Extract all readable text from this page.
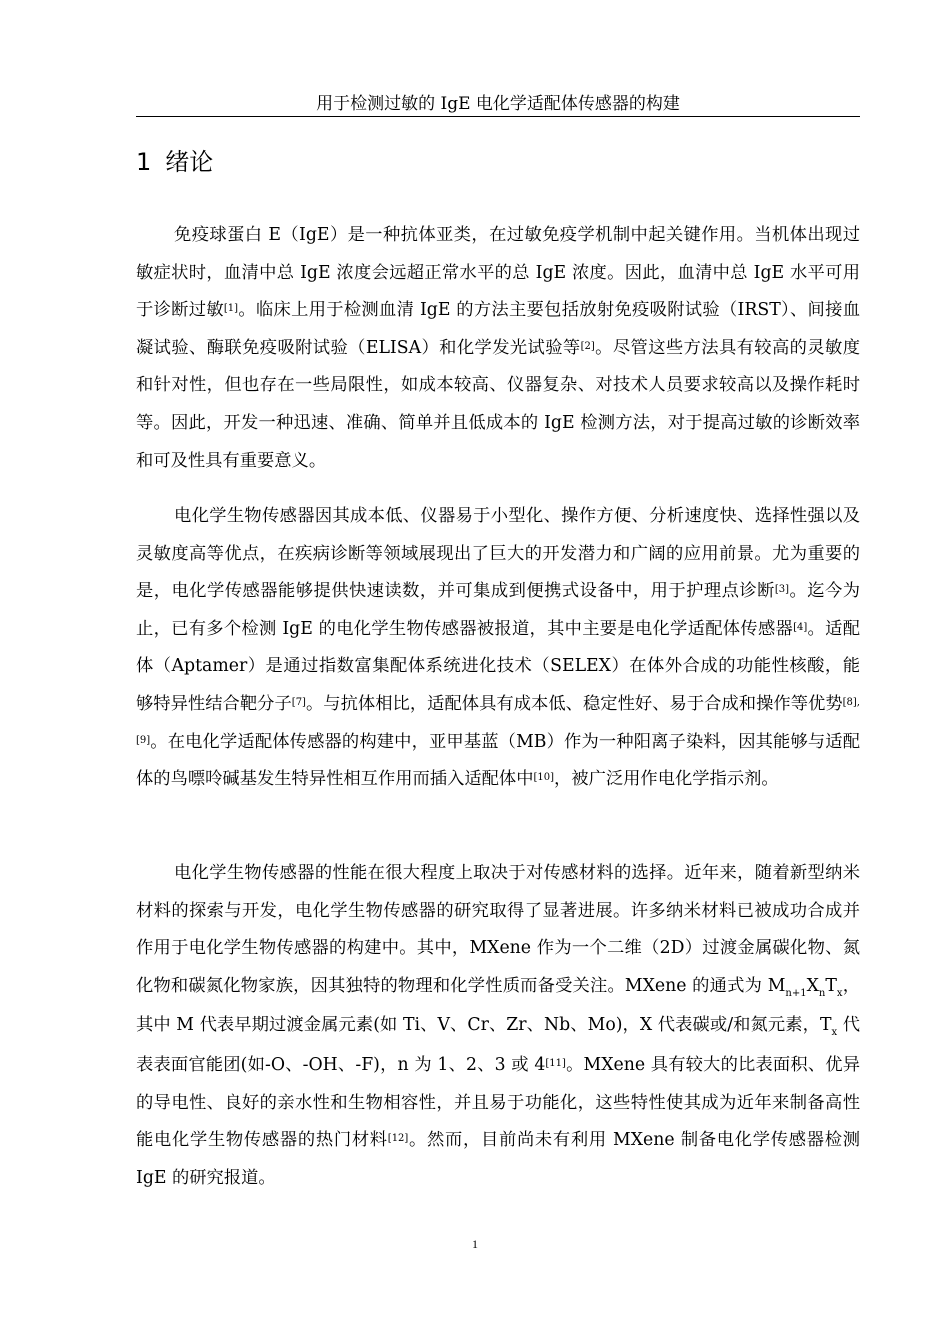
用于检测过敏的 IgE 电化学适配体传感器的构建
1 绪论

免疫球蛋白 E（IgE）是一种抗体亚类，在过敏免疫学机制中起关键作用。当机体出现过敏症状时，血清中总 IgE 浓度会远超正常水平的总 IgE 浓度。因此，血清中总 IgE 水平可用于诊断过敏[1]。临床上用于检测血清 IgE 的方法主要包括放射免疫吸附试验（IRST）、间接血凝试验、酶联免疫吸附试验（ELISA）和化学发光试验等[2]。尽管这些方法具有较高的灵敏度和针对性，但也存在一些局限性，如成本较高、仪器复杂、对技术人员要求较高以及操作耗时等。因此，开发一种迅速、准确、简单并且低成本的 IgE 检测方法，对于提高过敏的诊断效率和可及性具有重要意义。

电化学生物传感器因其成本低、仪器易于小型化、操作方便、分析速度快、选择性强以及灵敏度高等优点，在疾病诊断等领域展现出了巨大的开发潜力和广阔的应用前景。尤为重要的是，电化学传感器能够提供快速读数，并可集成到便携式设备中，用于护理点诊断[3]。迄今为止，已有多个检测 IgE 的电化学生物传感器被报道，其中主要是电化学适配体传感器[4]。适配体（Aptamer）是通过指数富集配体系统进化技术（SELEX）在体外合成的功能性核酸，能够特异性结合靶分子[7]。与抗体相比，适配体具有成本低、稳定性好、易于合成和操作等优势[8],[9]。在电化学适配体传感器的构建中，亚甲基蓝（MB）作为一种阳离子染料，因其能够与适配体的鸟嘌呤碱基发生特异性相互作用而插入适配体中[10]，被广泛用作电化学指示剂。

电化学生物传感器的性能在很大程度上取决于对传感材料的选择。近年来，随着新型纳米材料的探索与开发，电化学生物传感器的研究取得了显著进展。许多纳米材料已被成功合成并作用于电化学生物传感器的构建中。其中，MXene 作为一个二维（2D）过渡金属碳化物、氮化物和碳氮化物家族，因其独特的物理和化学性质而备受关注。MXene 的通式为 $M_{n+1}X_nT_x$，其中 M 代表早期过渡金属元素(如 Ti、V、Cr、Zr、Nb、Mo)，X 代表碳或/和氮元素，$T_x$ 代表表面官能团(如-O、-OH、-F)，n 为 1、2、3 或 4[11]。MXene 具有较大的比表面积、优异的导电性、良好的亲水性和生物相容性，并且易于功能化，这些特性使其成为近年来制备高性能电化学生物传感器的热门材料[12]。然而，目前尚未有利用 MXene 制备电化学传感器检测 IgE 的研究报道。

1
